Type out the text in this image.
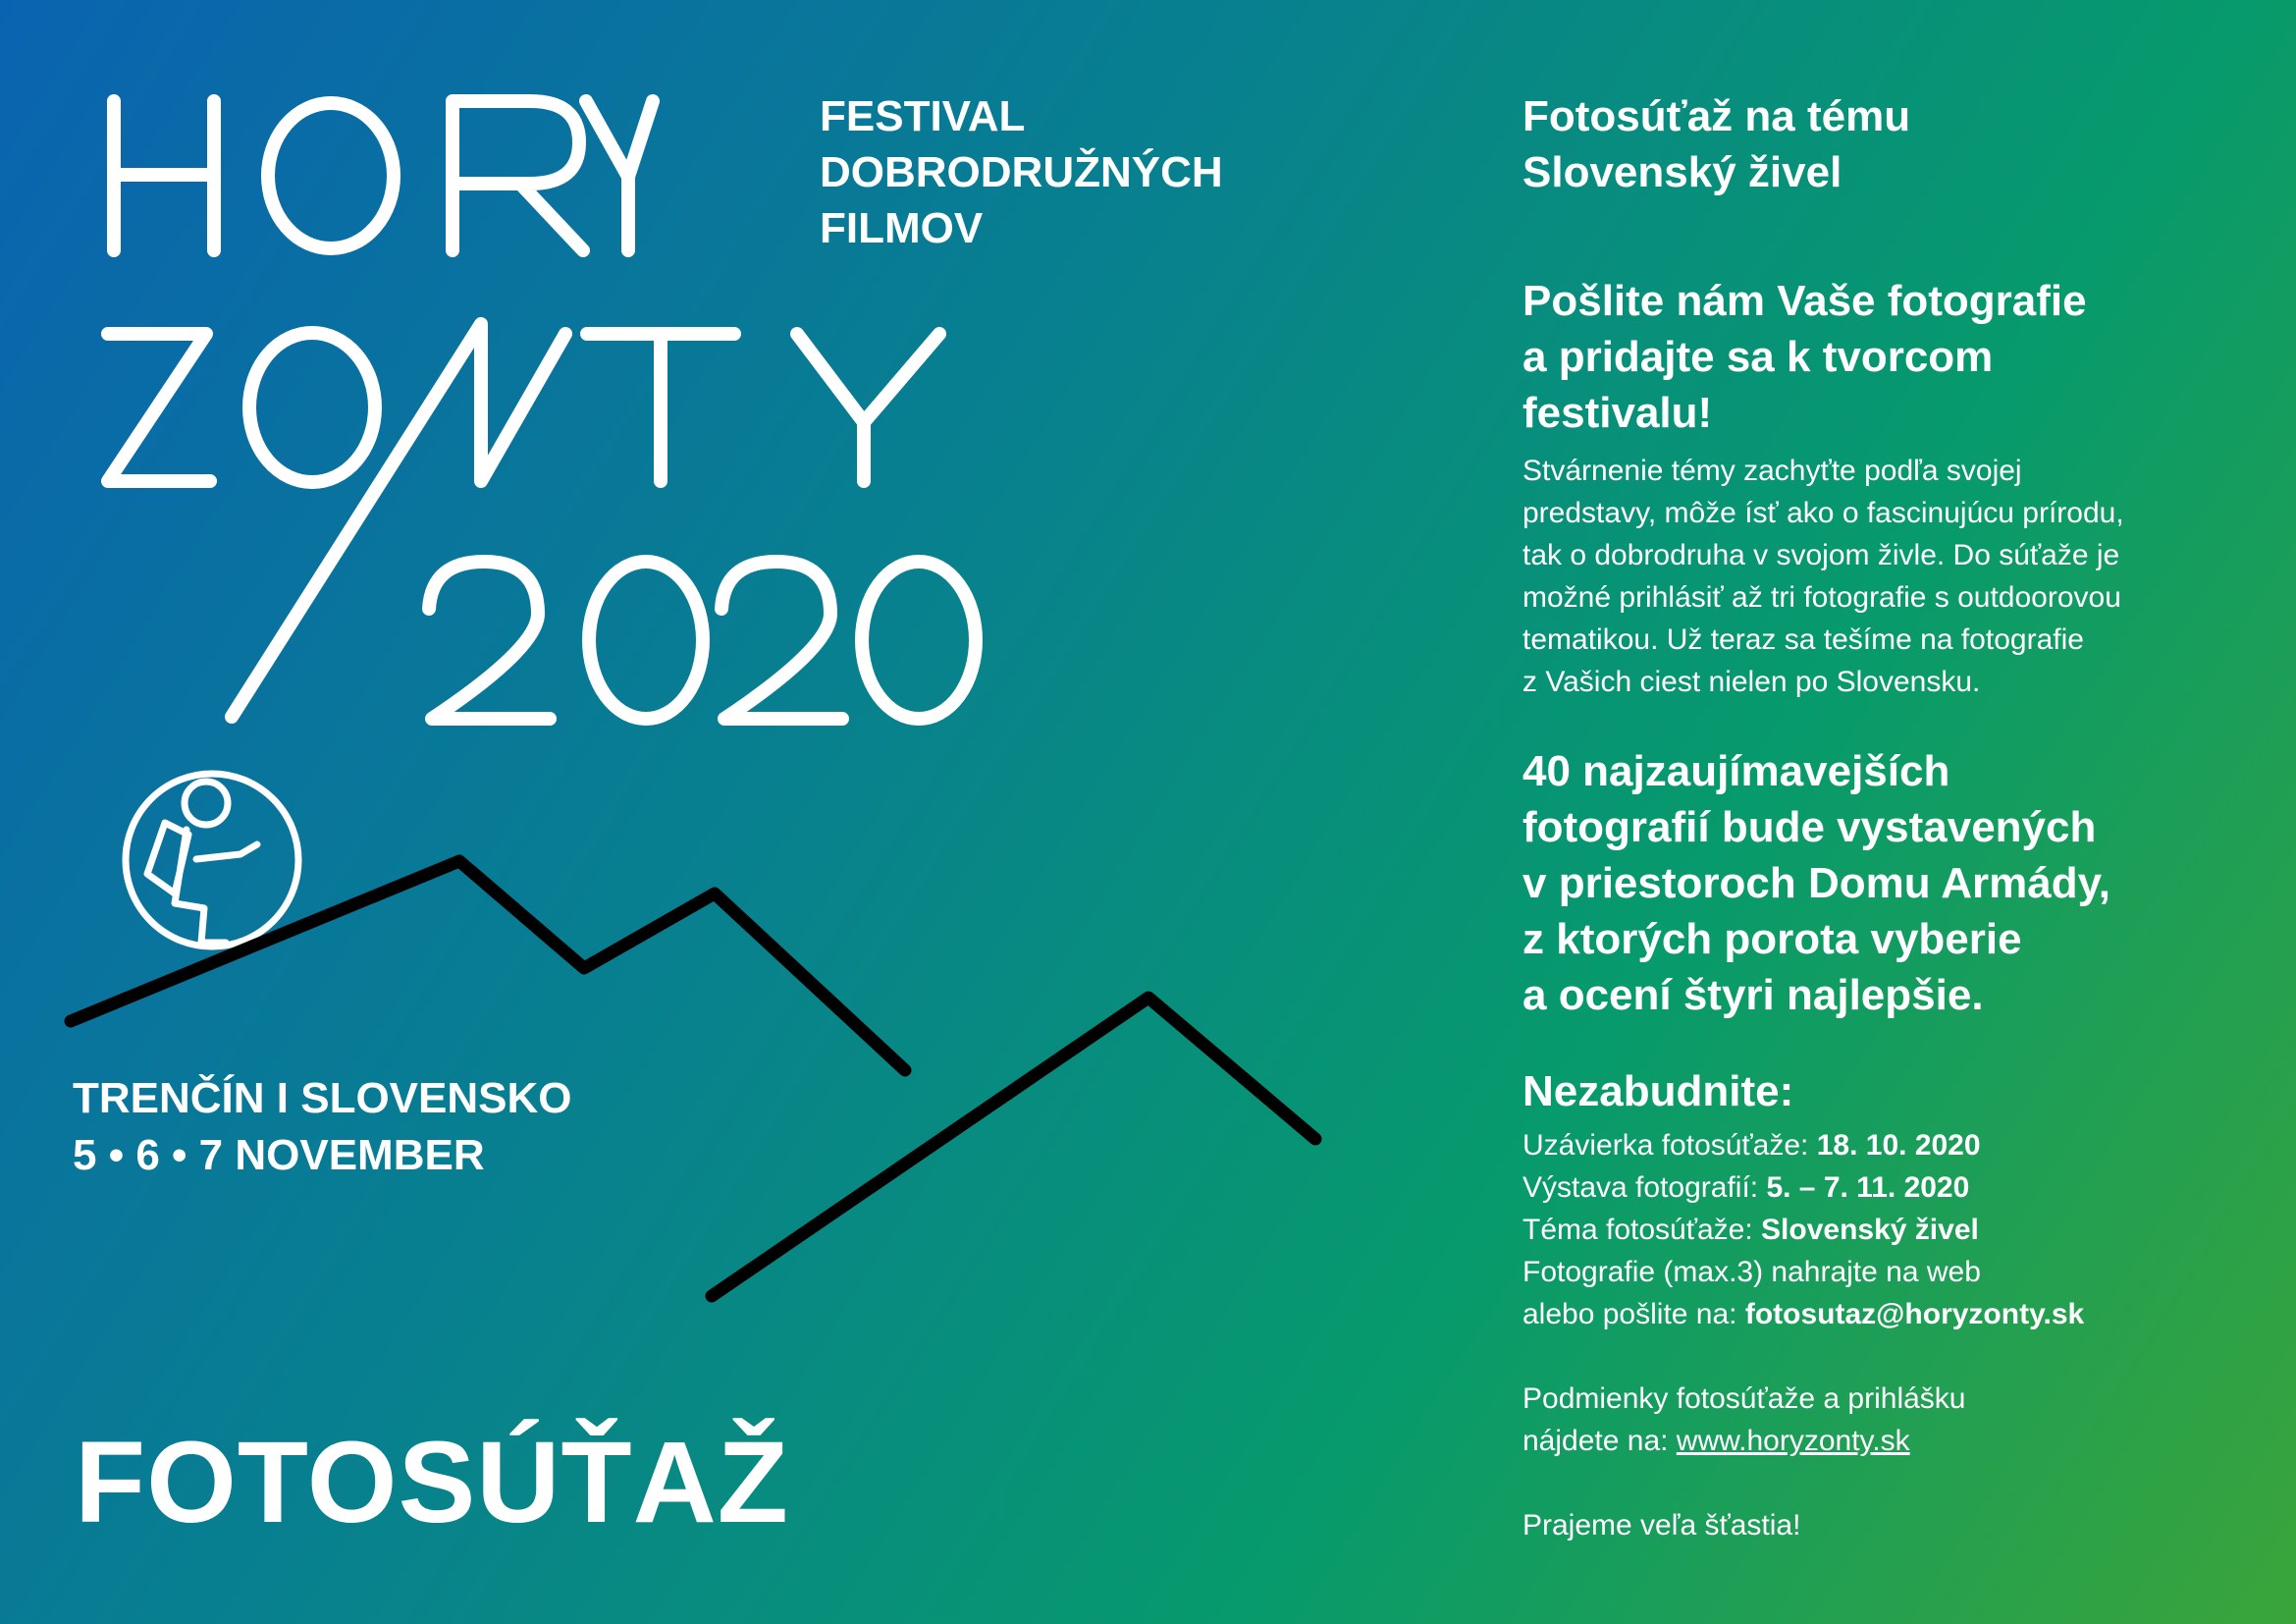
FESTIVAL
DOBRODRUŽNÝCH
FILMOV
TRENČÍN I SLOVENSKO
5 • 6 • 7 NOVEMBER
FOTOSÚŤAŽ
Fotosúťaž na tému
Slovenský živel
Pošlite nám Vaše fotografie
a pridajte sa k tvorcom
festivalu!
Stvárnenie témy zachyťte podľa svojej
predstavy, môže ísť ako o fascinujúcu prírodu,
tak o dobrodruha v svojom živle. Do súťaže je
možné prihlásiť až tri fotografie s outdoorovou
tematikou. Už teraz sa tešíme na fotografie
z Vašich ciest nielen po Slovensku.
40 najzaujímavejších
fotografií bude vystavených
v priestoroch Domu Armády,
z ktorých porota vyberie
a ocení štyri najlepšie.
Nezabudnite:
Uzávierka fotosúťaže: 18. 10. 2020
Výstava fotografií: 5. – 7. 11. 2020
Téma fotosúťaže: Slovenský živel
Fotografie (max.3) nahrajte na web
alebo pošlite na: fotosutaz@horyzonty.sk
Podmienky fotosúťaže a prihlášku
nájdete na: www.horyzonty.sk
Prajeme veľa šťastia!
